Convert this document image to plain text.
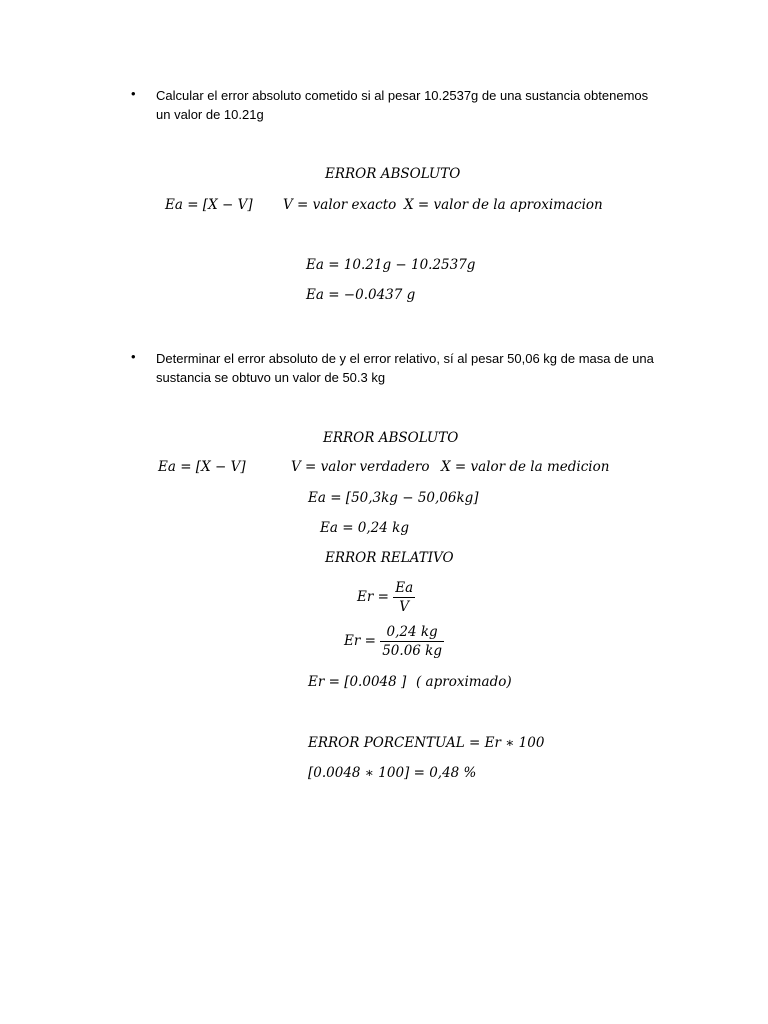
• Calcular el error absoluto cometido si al pesar 10.2537g de una sustancia obtenemos
un valor de 10.21g
ERROR ABSOLUTO
Ea = [X − V] V = valor exacto X = valor de la aproximacion
Ea = 10.21g − 10.2537g
Ea = −0.0437 g
• Determinar el error absoluto de y el error relativo, sí al pesar 50,06 kg de masa de una
sustancia se obtuvo un valor de 50.3 kg
ERROR ABSOLUTO
Ea = [X − V]	V = valor verdadero X = valor de la medicion
Ea = [50,3kg − 50,06kg]
Ea = 0,24 kg
ERROR RELATIVO
$Er = \frac{Ea}{V}$
$Er = \frac{0,24 kg}{50.06 kg}$
Er = [0.0048 ] ( aproximado)
ERROR PORCENTUAL = Er ∗ 100
[0.0048 ∗ 100] = 0,48 %
